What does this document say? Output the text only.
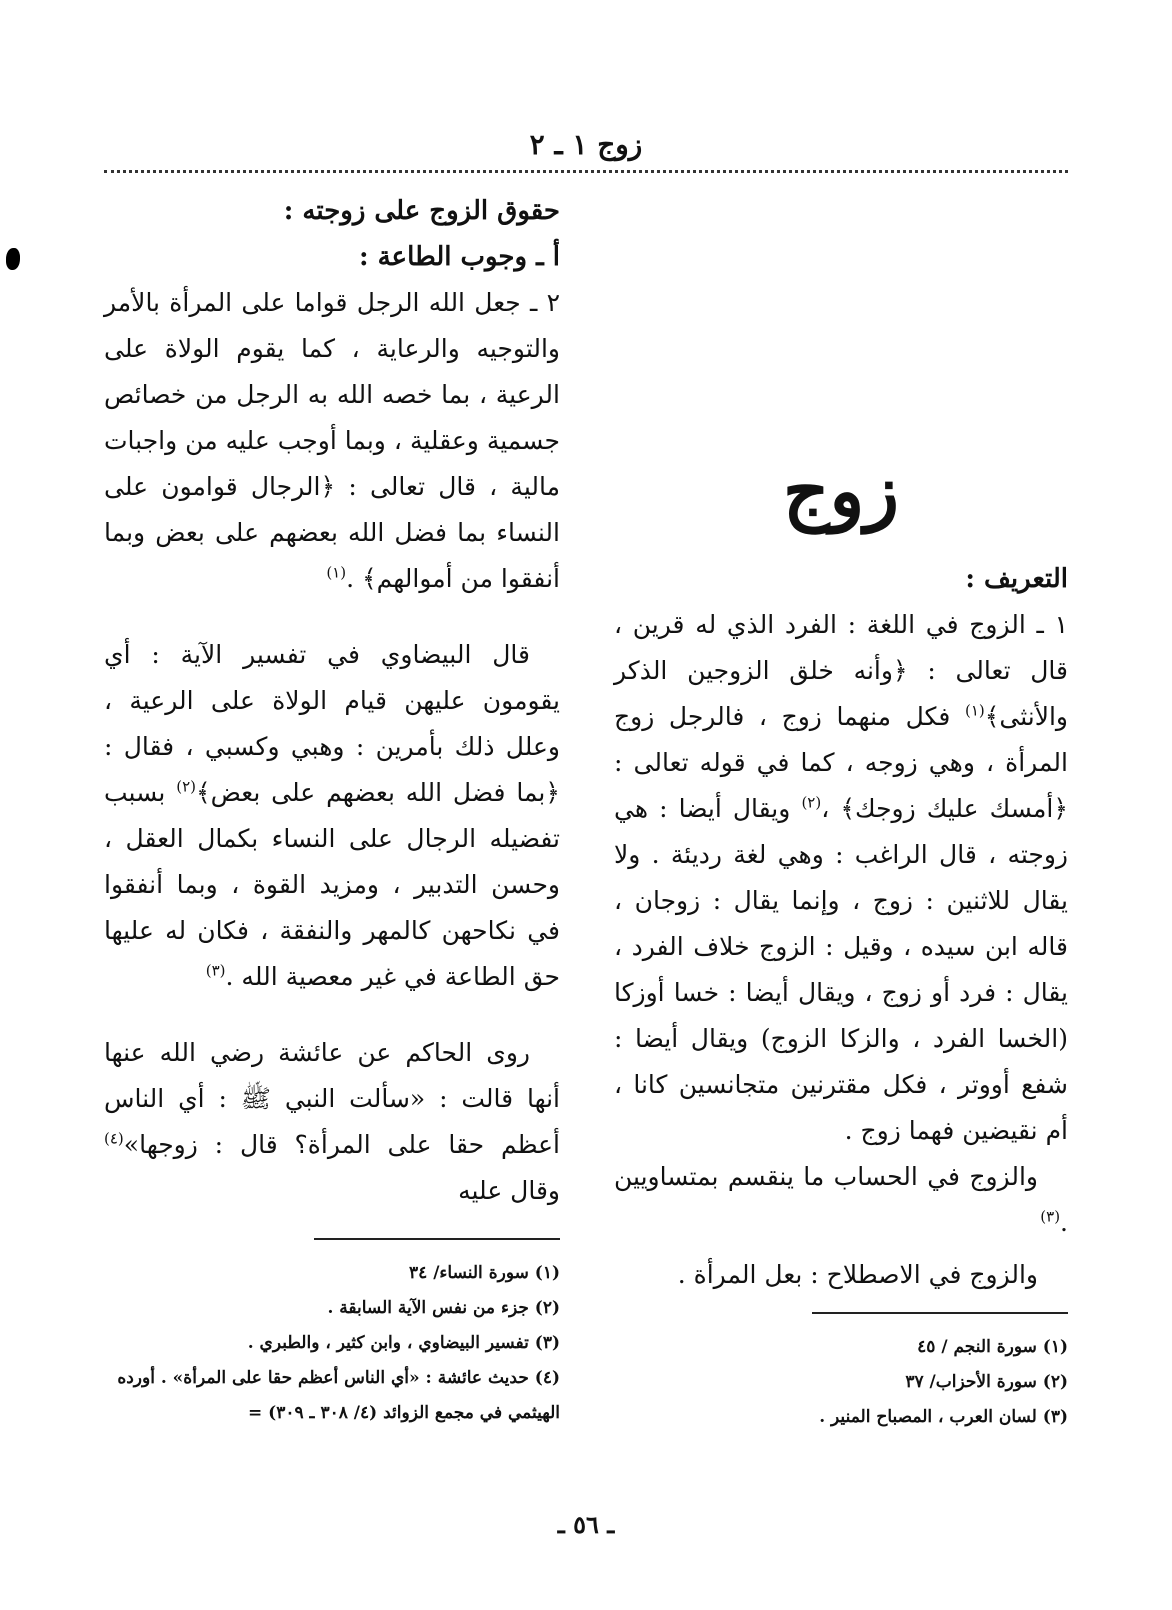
زوج ١ ـ ٢
زوج

التعريف :

١ ـ الزوج في اللغة : الفرد الذي له قرين ، قال تعالى : ﴿وأنه خلق الزوجين الذكر والأنثى﴾$^{(١)}$ فكل منهما زوج ، فالرجل زوج المرأة ، وهي زوجه ، كما في قوله تعالى : ﴿أمسك عليك زوجك﴾ ،$^{(٢)}$ ويقال أيضا : هي زوجته ، قال الراغب : وهي لغة رديئة . ولا يقال للاثنين : زوج ، وإنما يقال : زوجان ، قاله ابن سيده ، وقيل : الزوج خلاف الفرد ، يقال : فرد أو زوج ، ويقال أيضا : خسا أوزكا (الخسا الفرد ، والزكا الزوج) ويقال أيضا : شفع أووتر ، فكل مقترنين متجانسين كانا ، أم نقيضين فهما زوج .

والزوج في الحساب ما ينقسم بمتساويين .$^{(٣)}$

والزوج في الاصطلاح : بعل المرأة .

(١) سورة النجم / ٤٥

(٢) سورة الأحزاب/ ٣٧

(٣) لسان العرب ، المصباح المنير .

حقوق الزوج على زوجته :

أ ـ وجوب الطاعة :

٢ ـ جعل الله الرجل قواما على المرأة بالأمر والتوجيه والرعاية ، كما يقوم الولاة على الرعية ، بما خصه الله به الرجل من خصائص جسمية وعقلية ، وبما أوجب عليه من واجبات مالية ، قال تعالى : ﴿الرجال قوامون على النساء بما فضل الله بعضهم على بعض وبما أنفقوا من أموالهم﴾ .$^{(١)}$

قال البيضاوي في تفسير الآية : أي يقومون عليهن قيام الولاة على الرعية ، وعلل ذلك بأمرين : وهبي وكسبي ، فقال : ﴿بما فضل الله بعضهم على بعض﴾$^{(٢)}$ بسبب تفضيله الرجال على النساء بكمال العقل ، وحسن التدبير ، ومزيد القوة ، وبما أنفقوا في نكاحهن كالمهر والنفقة ، فكان له عليها حق الطاعة في غير معصية الله .$^{(٣)}$

روى الحاكم عن عائشة رضي الله عنها أنها قالت : «سألت النبي ﷺ : أي الناس أعظم حقا على المرأة؟ قال : زوجها»$^{(٤)}$ وقال عليه

(١) سورة النساء/ ٣٤

(٢) جزء من نفس الآية السابقة .

(٣) تفسير البيضاوي ، وابن كثير ، والطبري .

(٤) حديث عائشة : «أي الناس أعظم حقا على المرأة» . أورده الهيثمي في مجمع الزوائد (٤/ ٣٠٨ ـ ٣٠٩) =

ـ ٥٦ ـ
